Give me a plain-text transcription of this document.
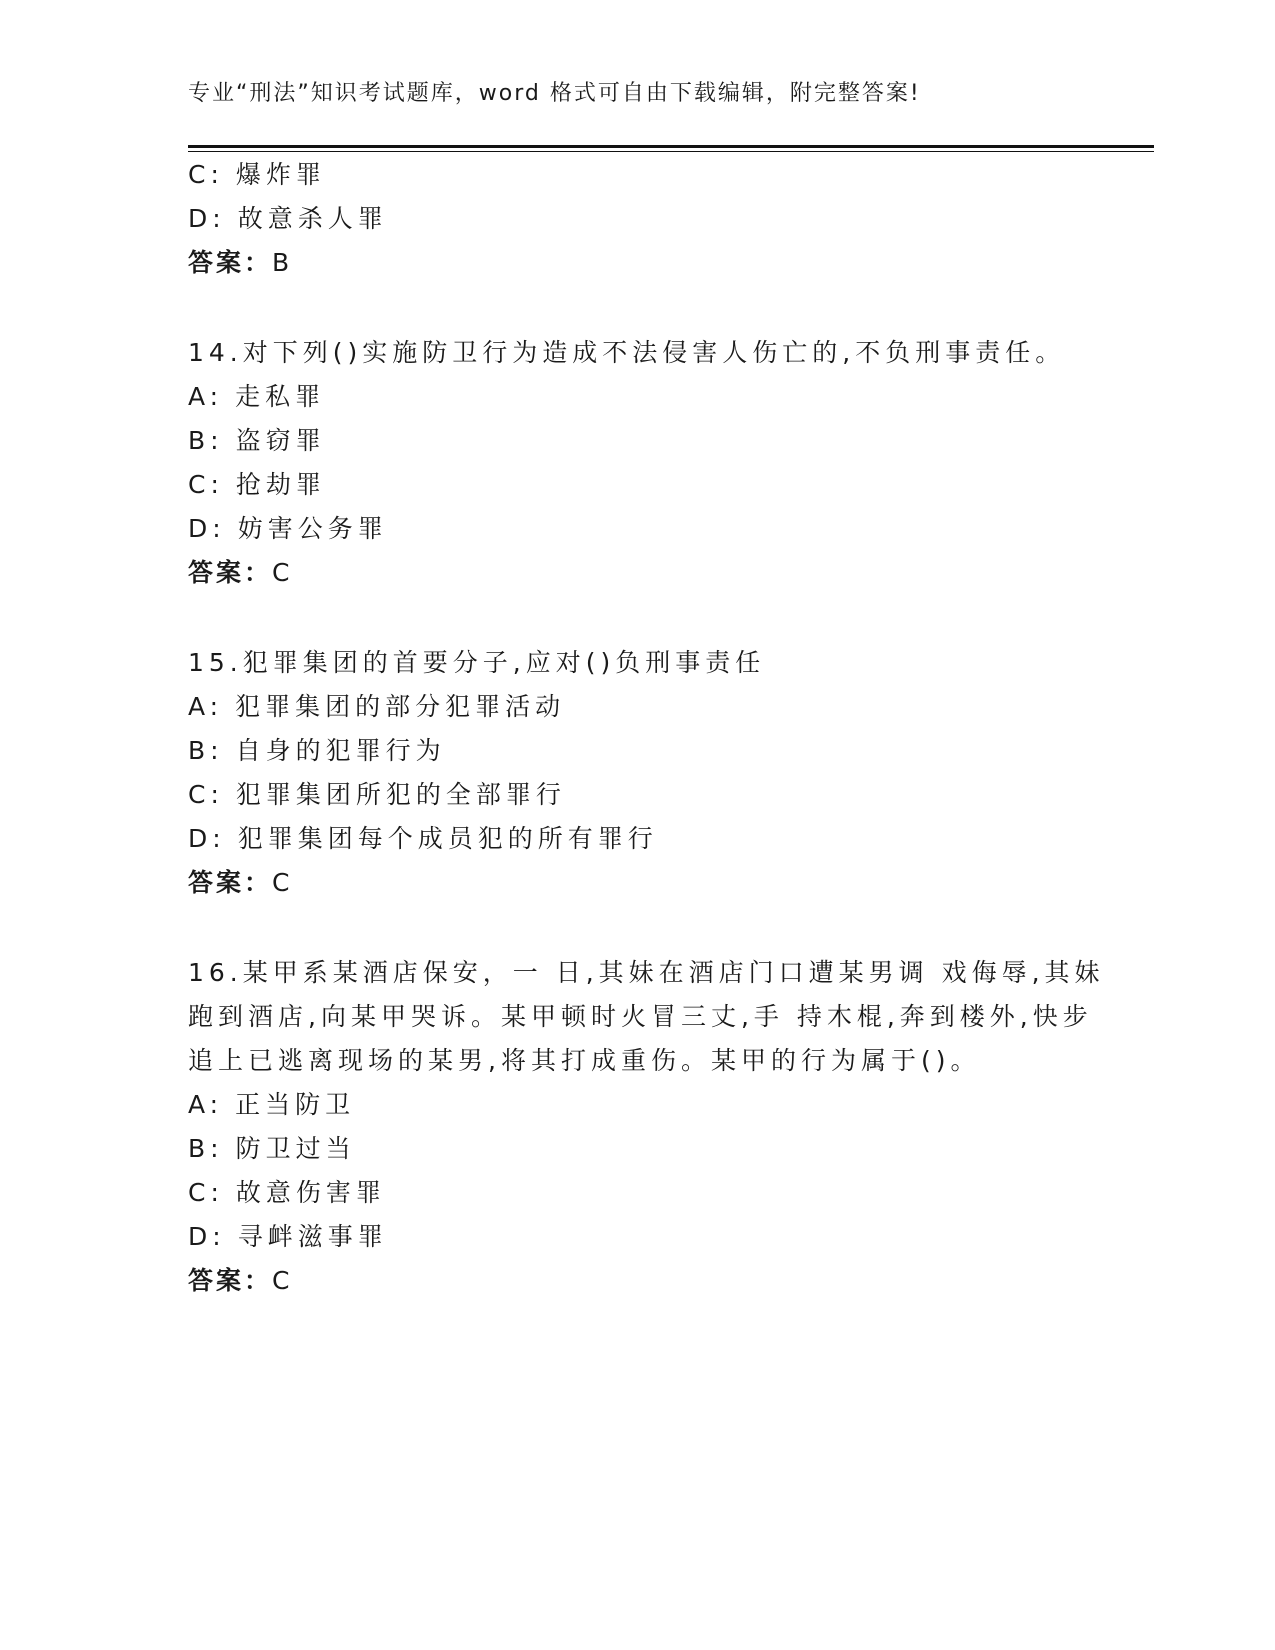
专业“刑法”知识考试题库，word 格式可自由下载编辑，附完整答案!
C: 爆炸罪
D: 故意杀人罪
答案：B
14.对下列()实施防卫行为造成不法侵害人伤亡的,不负刑事责任。
A: 走私罪
B: 盗窃罪
C: 抢劫罪
D: 妨害公务罪
答案：C
15.犯罪集团的首要分子,应对()负刑事责任
A: 犯罪集团的部分犯罪活动
B: 自身的犯罪行为
C: 犯罪集团所犯的全部罪行
D: 犯罪集团每个成员犯的所有罪行
答案：C
16.某甲系某酒店保安，一 日,其妹在酒店门口遭某男调 戏侮辱,其妹
跑到酒店,向某甲哭诉。某甲顿时火冒三丈,手 持木棍,奔到楼外,快步
追上已逃离现场的某男,将其打成重伤。某甲的行为属于()。
A: 正当防卫
B: 防卫过当
C: 故意伤害罪
D: 寻衅滋事罪
答案：C
